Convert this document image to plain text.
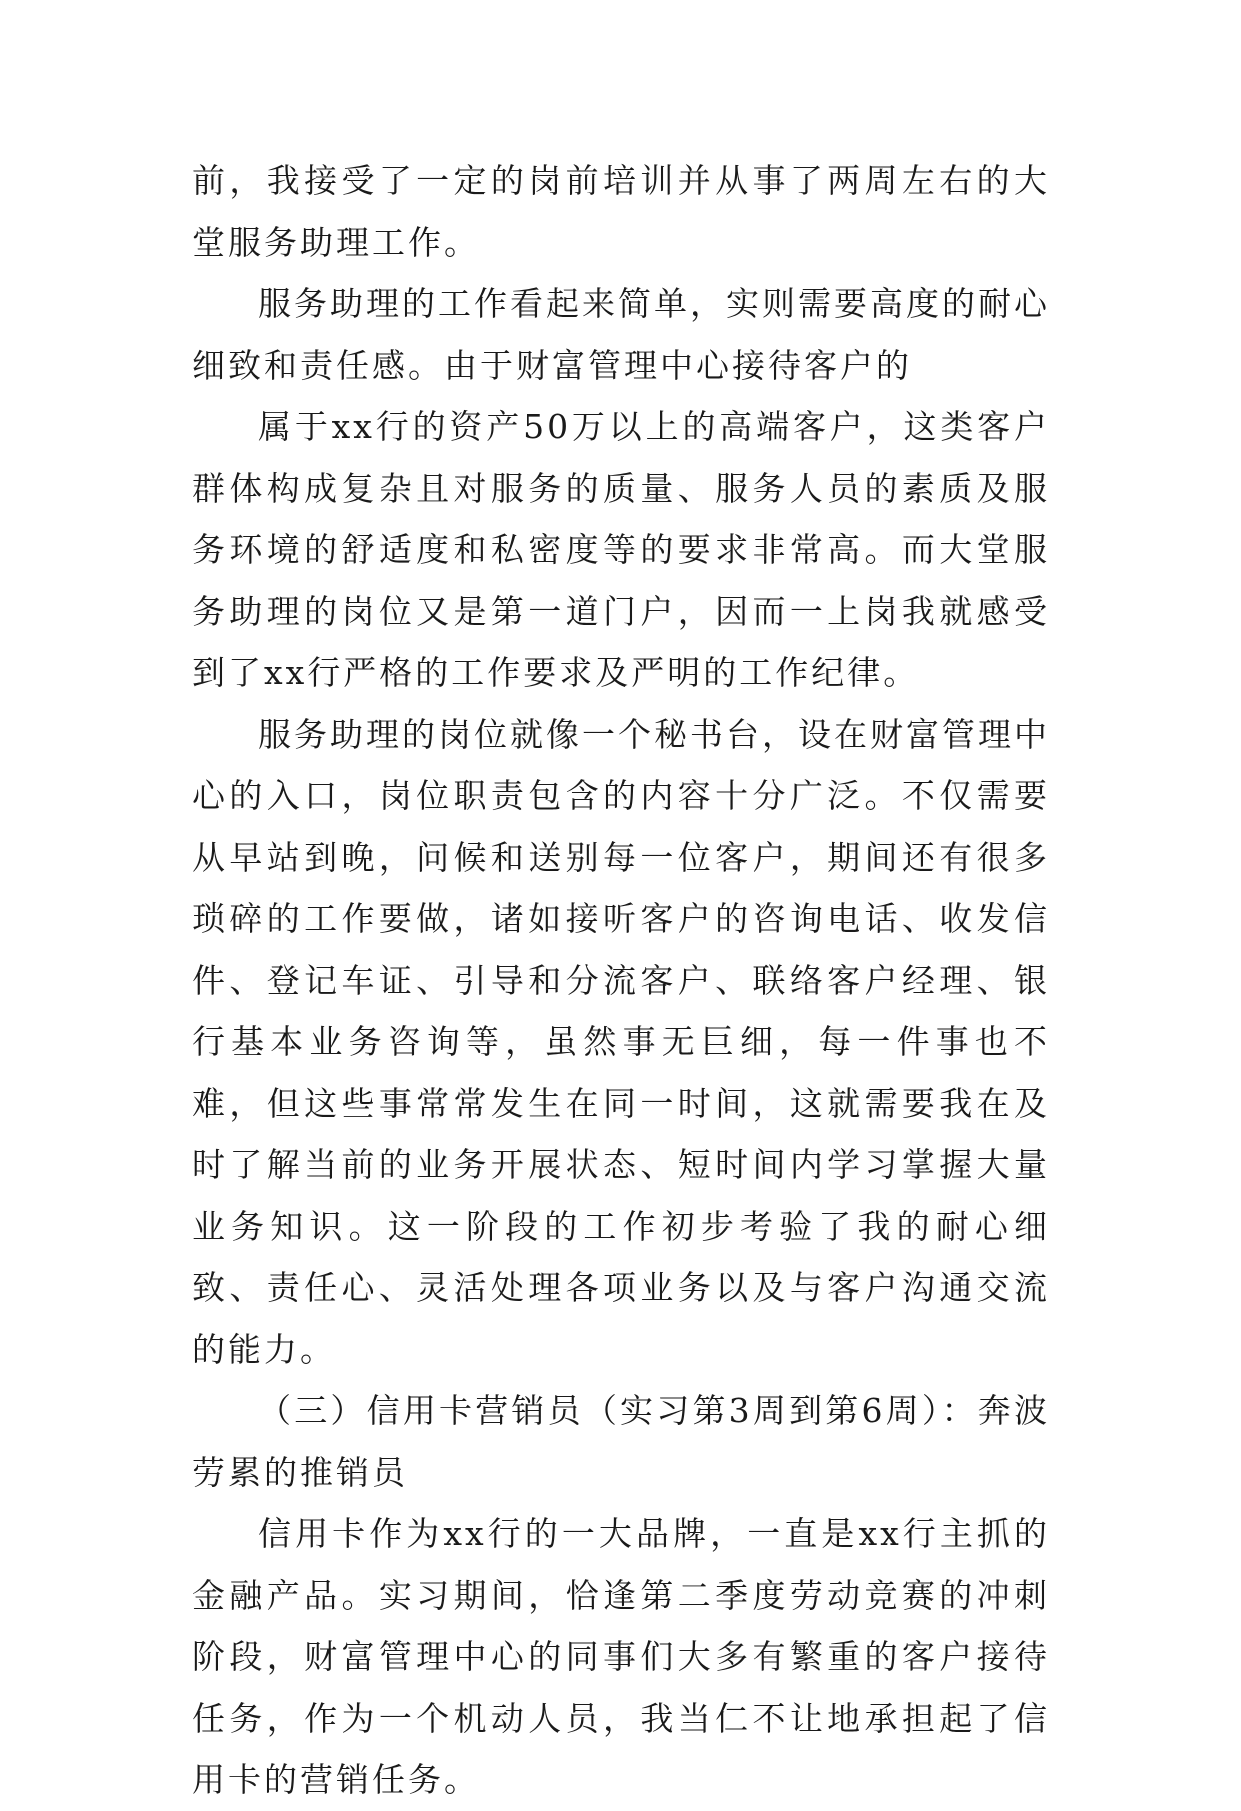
前，我接受了一定的岗前培训并从事了两周左右的大堂服务助理工作。

服务助理的工作看起来简单，实则需要高度的耐心细致和责任感。由于财富管理中心接待客户的

属于xx行的资产50万以上的高端客户，这类客户群体构成复杂且对服务的质量、服务人员的素质及服务环境的舒适度和私密度等的要求非常高。而大堂服务助理的岗位又是第一道门户，因而一上岗我就感受到了xx行严格的工作要求及严明的工作纪律。

服务助理的岗位就像一个秘书台，设在财富管理中心的入口，岗位职责包含的内容十分广泛。不仅需要从早站到晚，问候和送别每一位客户，期间还有很多琐碎的工作要做，诸如接听客户的咨询电话、收发信件、登记车证、引导和分流客户、联络客户经理、银行基本业务咨询等，虽然事无巨细，每一件事也不难，但这些事常常发生在同一时间，这就需要我在及时了解当前的业务开展状态、短时间内学习掌握大量业务知识。这一阶段的工作初步考验了我的耐心细致、责任心、灵活处理各项业务以及与客户沟通交流的能力。

（三）信用卡营销员（实习第3周到第6周）：奔波劳累的推销员

信用卡作为xx行的一大品牌，一直是xx行主抓的金融产品。实习期间，恰逢第二季度劳动竞赛的冲刺阶段，财富管理中心的同事们大多有繁重的客户接待任务，作为一个机动人员，我当仁不让地承担起了信用卡的营销任务。
